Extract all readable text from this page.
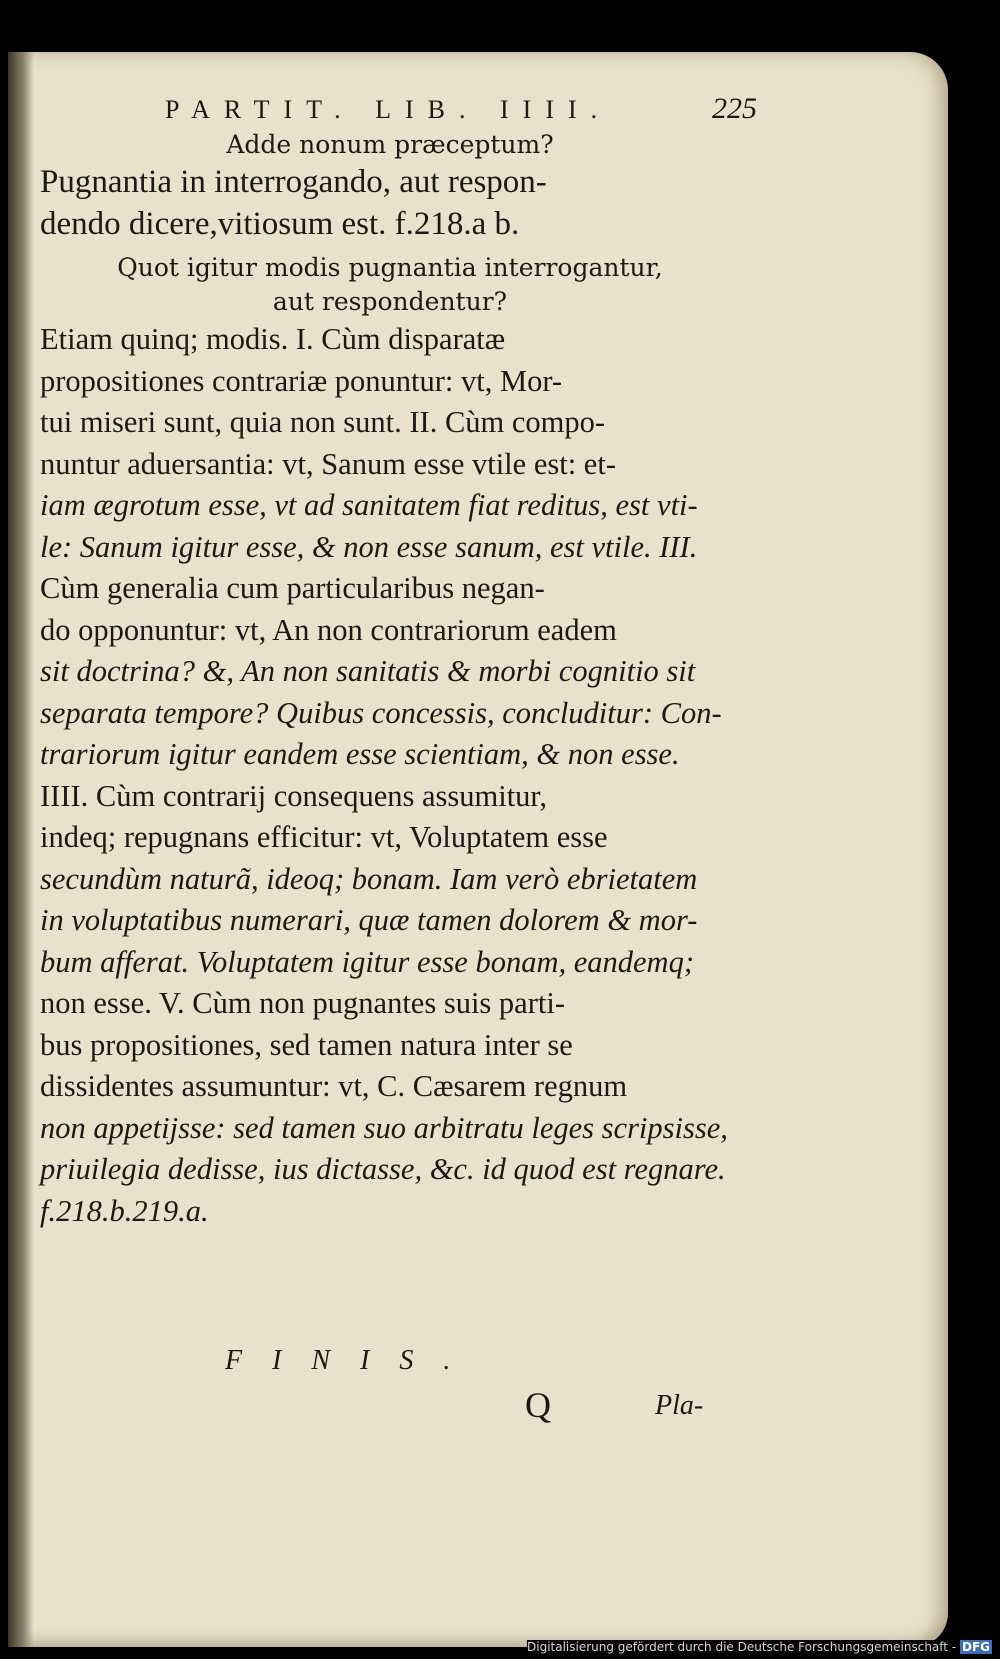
PARTIT. LIB. IIII.	225

Adde nonum præceptum?

Pugnantia in interrogando, aut respon-
dendo dicere,vitiosum est. f.218.a b.
Quot igitur modis pugnantia interrogantur,
aut respondentur?
Etiam quinq; modis. I. Cùm disparatæ
propositiones contrariæ ponuntur: vt, Mor-
tui miseri sunt, quia non sunt. II. Cùm compo-
nuntur aduersantia: vt, Sanum esse vtile est: et-
iam ægrotum esse, vt ad sanitatem fiat reditus, est vti-
le: Sanum igitur esse, & non esse sanum, est vtile. III.
Cùm generalia cum particularibus negan-
do opponuntur: vt, An non contrariorum eadem
sit doctrina? &, An non sanitatis & morbi cognitio sit
separata tempore? Quibus concessis, concluditur: Con-
trariorum igitur eandem esse scientiam, & non esse.
IIII. Cùm contrarij consequens assumitur,
indeq; repugnans efficitur: vt, Voluptatem esse
secundùm naturã, ideoq; bonam. Iam verò ebrietatem
in voluptatibus numerari, quæ tamen dolorem & mor-
bum afferat. Voluptatem igitur esse bonam, eandemq;
non esse. V. Cùm non pugnantes suis parti-
bus propositiones, sed tamen natura inter se
dissidentes assumuntur: vt, C. Cæsarem regnum
non appetijsse: sed tamen suo arbitratu leges scripsisse,
priuilegia dedisse, ius dictasse, &c. id quod est regnare.
f.218.b.219.a.
FINIS.
Q	Pla-
Digitalisierung gefördert durch die Deutsche Forschungsgemeinschaft - DFG
